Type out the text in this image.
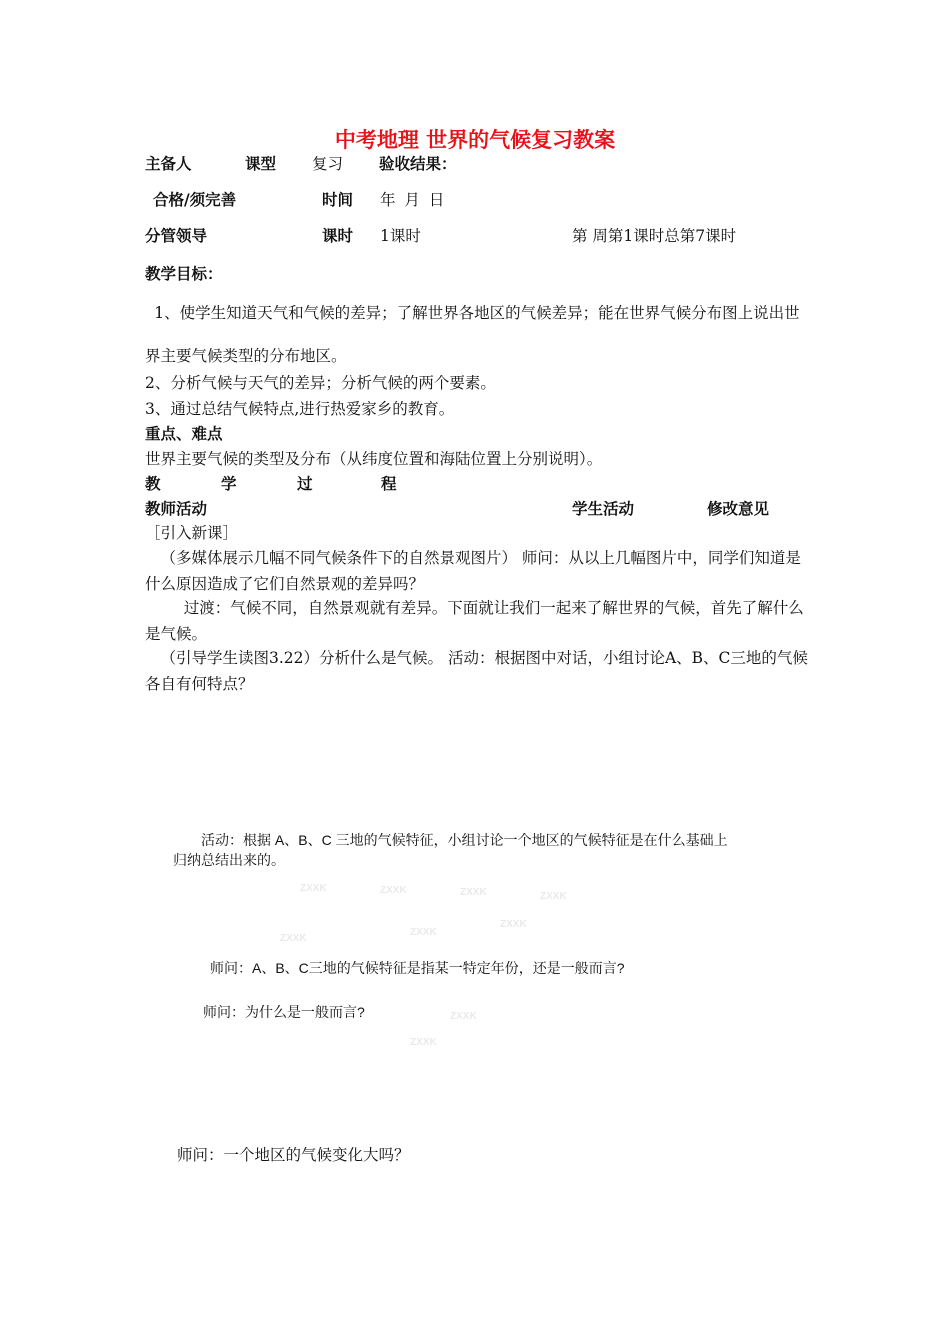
中考地理 世界的气候复习教案
主备人	课型 复习 验收结果：
合格/须完善	时间 年 月 日
分管领导	课时 1课时	第 周第1课时总第7课时
教学目标：
1、使学生知道天气和气候的差异；了解世界各地区的气候差异；能在世界气候分布图上说出世界主要气候类型的分布地区。
2、分析气候与天气的差异；分析气候的两个要素。
3、通过总结气候特点,进行热爱家乡的教育。
重点、难点
世界主要气候的类型及分布（从纬度位置和海陆位置上分别说明）。
教	学	过	程
教师活动	学生活动	修改意见
［引入新课］
（多媒体展示几幅不同气候条件下的自然景观图片） 师问：从以上几幅图片中，同学们知道是什么原因造成了它们自然景观的差异吗？
过渡：气候不同，自然景观就有差异。下面就让我们一起来了解世界的气候，首先了解什么是气候。
（引导学生读图3.22）分析什么是气候。 活动：根据图中对话，小组讨论A、B、C三地的气候各自有何特点？
ZXXK	ZXXK	ZXXK	ZXXK
ZXXK
ZXXK
ZXXK
ZXXK
ZXXK
活动：根据 A、B、C 三地的气候特征，小组讨论一个地区的气候特征是在什么基础上
归纳总结出来的。
师问：A、B、C三地的气候特征是指某一特定年份，还是一般而言?
师问：为什么是一般而言?
师问：一个地区的气候变化大吗？
